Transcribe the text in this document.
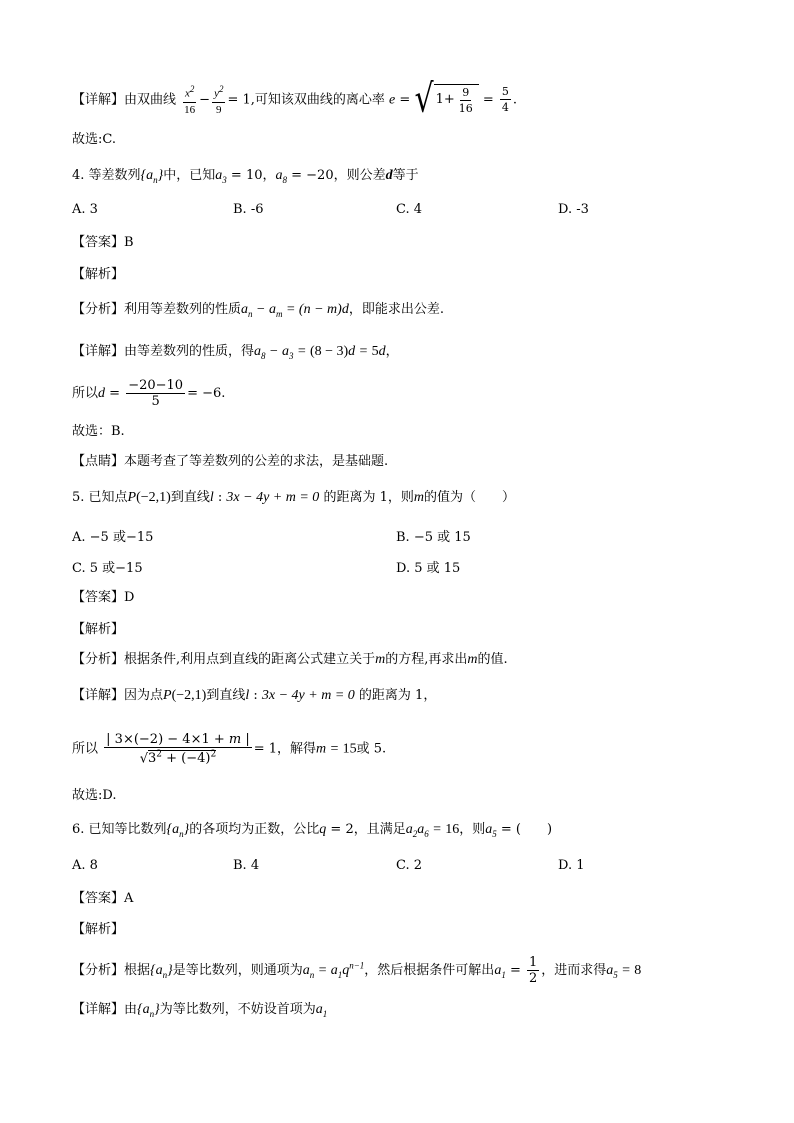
【详解】由双曲线 $\frac{x^2}{16} - \frac{y^2}{9} = 1$,可知该双曲线的离心率 e = √ $1+ \frac{9}{16} = \frac{5}{4}$ .
故选:C.
4. 等差数列$\{a_n\}$中，已知$a_3 = 10$，$a_8 = -20$，则公差d等于
A. 3	B. -6	C. 4	D. -3
【答案】B
【解析】
【分析】利用等差数列的性质$a_n - a_m = (n - m)d$，即能求出公差.
【详解】由等差数列的性质，得$a_8 - a_3 = (8 - 3)d = 5d$，
所以$d = \frac{-20-10}{5} = -6$.
故选：B.
【点睛】本题考查了等差数列的公差的求法，是基础题.
5. 已知点P(−2,1)到直线l : 3x − 4y + m = 0 的距离为 1，则m的值为（　　）
A. −5 或−15	B. −5 或 15
C. 5 或−15	D. 5 或 15
【答案】D
【解析】
【分析】根据条件,利用点到直线的距离公式建立关于m的方程,再求出m的值.
【详解】因为点P(−2,1)到直线l : 3x − 4y + m = 0 的距离为 1，
所以 $\frac{| 3\times(-2) - 4\times 1 + m |}{√3^2 + (-4)^2} = 1$，解得m = 15或 5.
故选:D.
6. 已知等比数列$\{a_n\}$的各项均为正数，公比q = 2，且满足$a_2a_6 = 16$，则$a_5$ = (　　)
A. 8	B. 4	C. 2	D. 1
【答案】A
【解析】
【分析】根据$\{a_n\}$是等比数列，则通项为$a_n = a_1q^{n-1}$，然后根据条件可解出$a_1 = \frac{1}{2}$ ，进而求得$a_5 = 8$
【详解】由$\{a_n\}$为等比数列，不妨设首项为$a_1$
